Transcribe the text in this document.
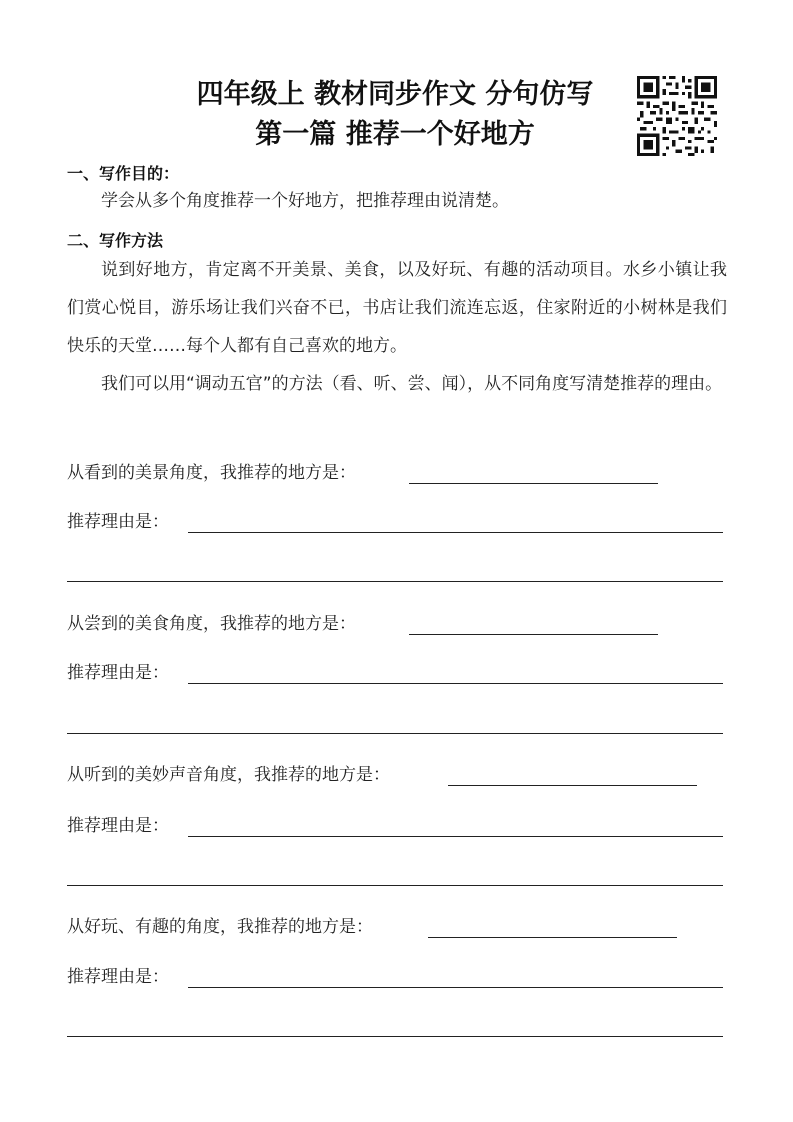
四年级上 教材同步作文 分句仿写
第一篇 推荐一个好地方
一、写作目的：
学会从多个角度推荐一个好地方，把推荐理由说清楚。
二、写作方法
说到好地方，肯定离不开美景、美食，以及好玩、有趣的活动项目。水乡小镇让我们赏心悦目，游乐场让我们兴奋不已，书店让我们流连忘返，住家附近的小树林是我们快乐的天堂……每个人都有自己喜欢的地方。
我们可以用“调动五官”的方法（看、听、尝、闻），从不同角度写清楚推荐的理由。
从看到的美景角度，我推荐的地方是：
推荐理由是：
从尝到的美食角度，我推荐的地方是：
推荐理由是：
从听到的美妙声音角度，我推荐的地方是：
推荐理由是：
从好玩、有趣的角度，我推荐的地方是：
推荐理由是：
